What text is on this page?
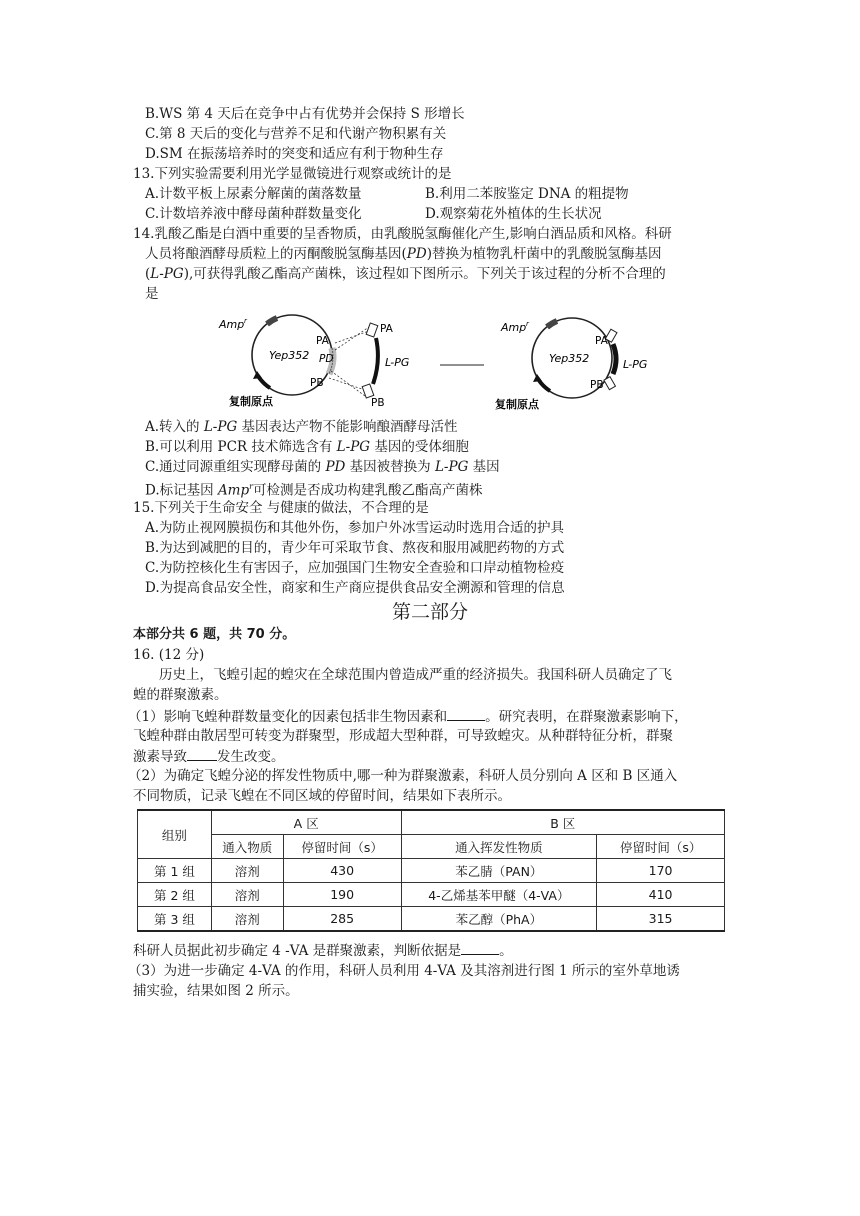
B.WS 第 4 天后在竞争中占有优势并会保持 S 形增长
C.第 8 天后的变化与营养不足和代谢产物积累有关
D.SM 在振荡培养时的突变和适应有利于物种生存
13.下列实验需要利用光学显微镜进行观察或统计的是
A.计数平板上尿素分解菌的菌落数量	B.利用二苯胺鉴定 DNA 的粗提物
C.计数培养液中酵母菌种群数量变化	D.观察菊花外植体的生长状况
14.乳酸乙酯是白酒中重要的呈香物质，由乳酸脱氢酶催化产生,影响白酒品质和风格。科研
人员将酿酒酵母质粒上的丙酮酸脱氢酶基因(PD)替换为植物乳杆菌中的乳酸脱氢酶基因
(L-PG),可获得乳酸乙酯高产菌株，该过程如下图所示。下列关于该过程的分析不合理的
是
Amp r
Yep352
PA
PD
PB
复制原点
PA
L-PG
PB
Amp r
Yep352
PA
L-PG
PB
复制原点
A.转入的 L-PG 基因表达产物不能影响酿酒酵母活性
B.可以利用 PCR 技术筛选含有 L-PG 基因的受体细胞
C.通过同源重组实现酵母菌的 PD 基因被替换为 L-PG 基因
D.标记基因 Amp$^r$可检测是否成功构建乳酸乙酯高产菌株
15.下列关于生命安全 与健康的做法，不合理的是
A.为防止视网膜损伤和其他外伤，参加户外冰雪运动时选用合适的护具
B.为达到减肥的目的，青少年可采取节食、熬夜和服用减肥药物的方式
C.为防控核化生有害因子，应加强国门生物安全查验和口岸动植物检疫
D.为提高食品安全性，商家和生产商应提供食品安全溯源和管理的信息
第二部分
本部分共 6 题，共 70 分。
16. (12 分)
历史上，飞蝗引起的蝗灾在全球范围内曾造成严重的经济损失。我国科研人员确定了飞
蝗的群聚激素。
（1）影响飞蝗种群数量变化的因素包括非生物因素和	。研究表明，在群聚激素影响下，
飞蝗种群由散居型可转变为群聚型，形成超大型种群，可导致蝗灾。从种群特征分析，群聚
激素导致 发生改变。
（2）为确定飞蝗分泌的挥发性物质中,哪一种为群聚激素，科研人员分别向 A 区和 B 区通入
不同物质，记录飞蝗在不同区域的停留时间，结果如下表所示。
组别	A 区		B 区	
	通入物质	停留时间（s）	通入挥发性物质	停留时间（s）
第 1 组	溶剂	430	苯乙腈（PAN）	170
第 2 组	溶剂	190	4-乙烯基苯甲醚（4-VA）	410
第 3 组	溶剂	285	苯乙醇（PhA）	315
科研人员据此初步确定 4 -VA 是群聚激素，判断依据是	。
（3）为进一步确定 4-VA 的作用，科研人员利用 4-VA 及其溶剂进行图 1 所示的室外草地诱
捕实验，结果如图 2 所示。
